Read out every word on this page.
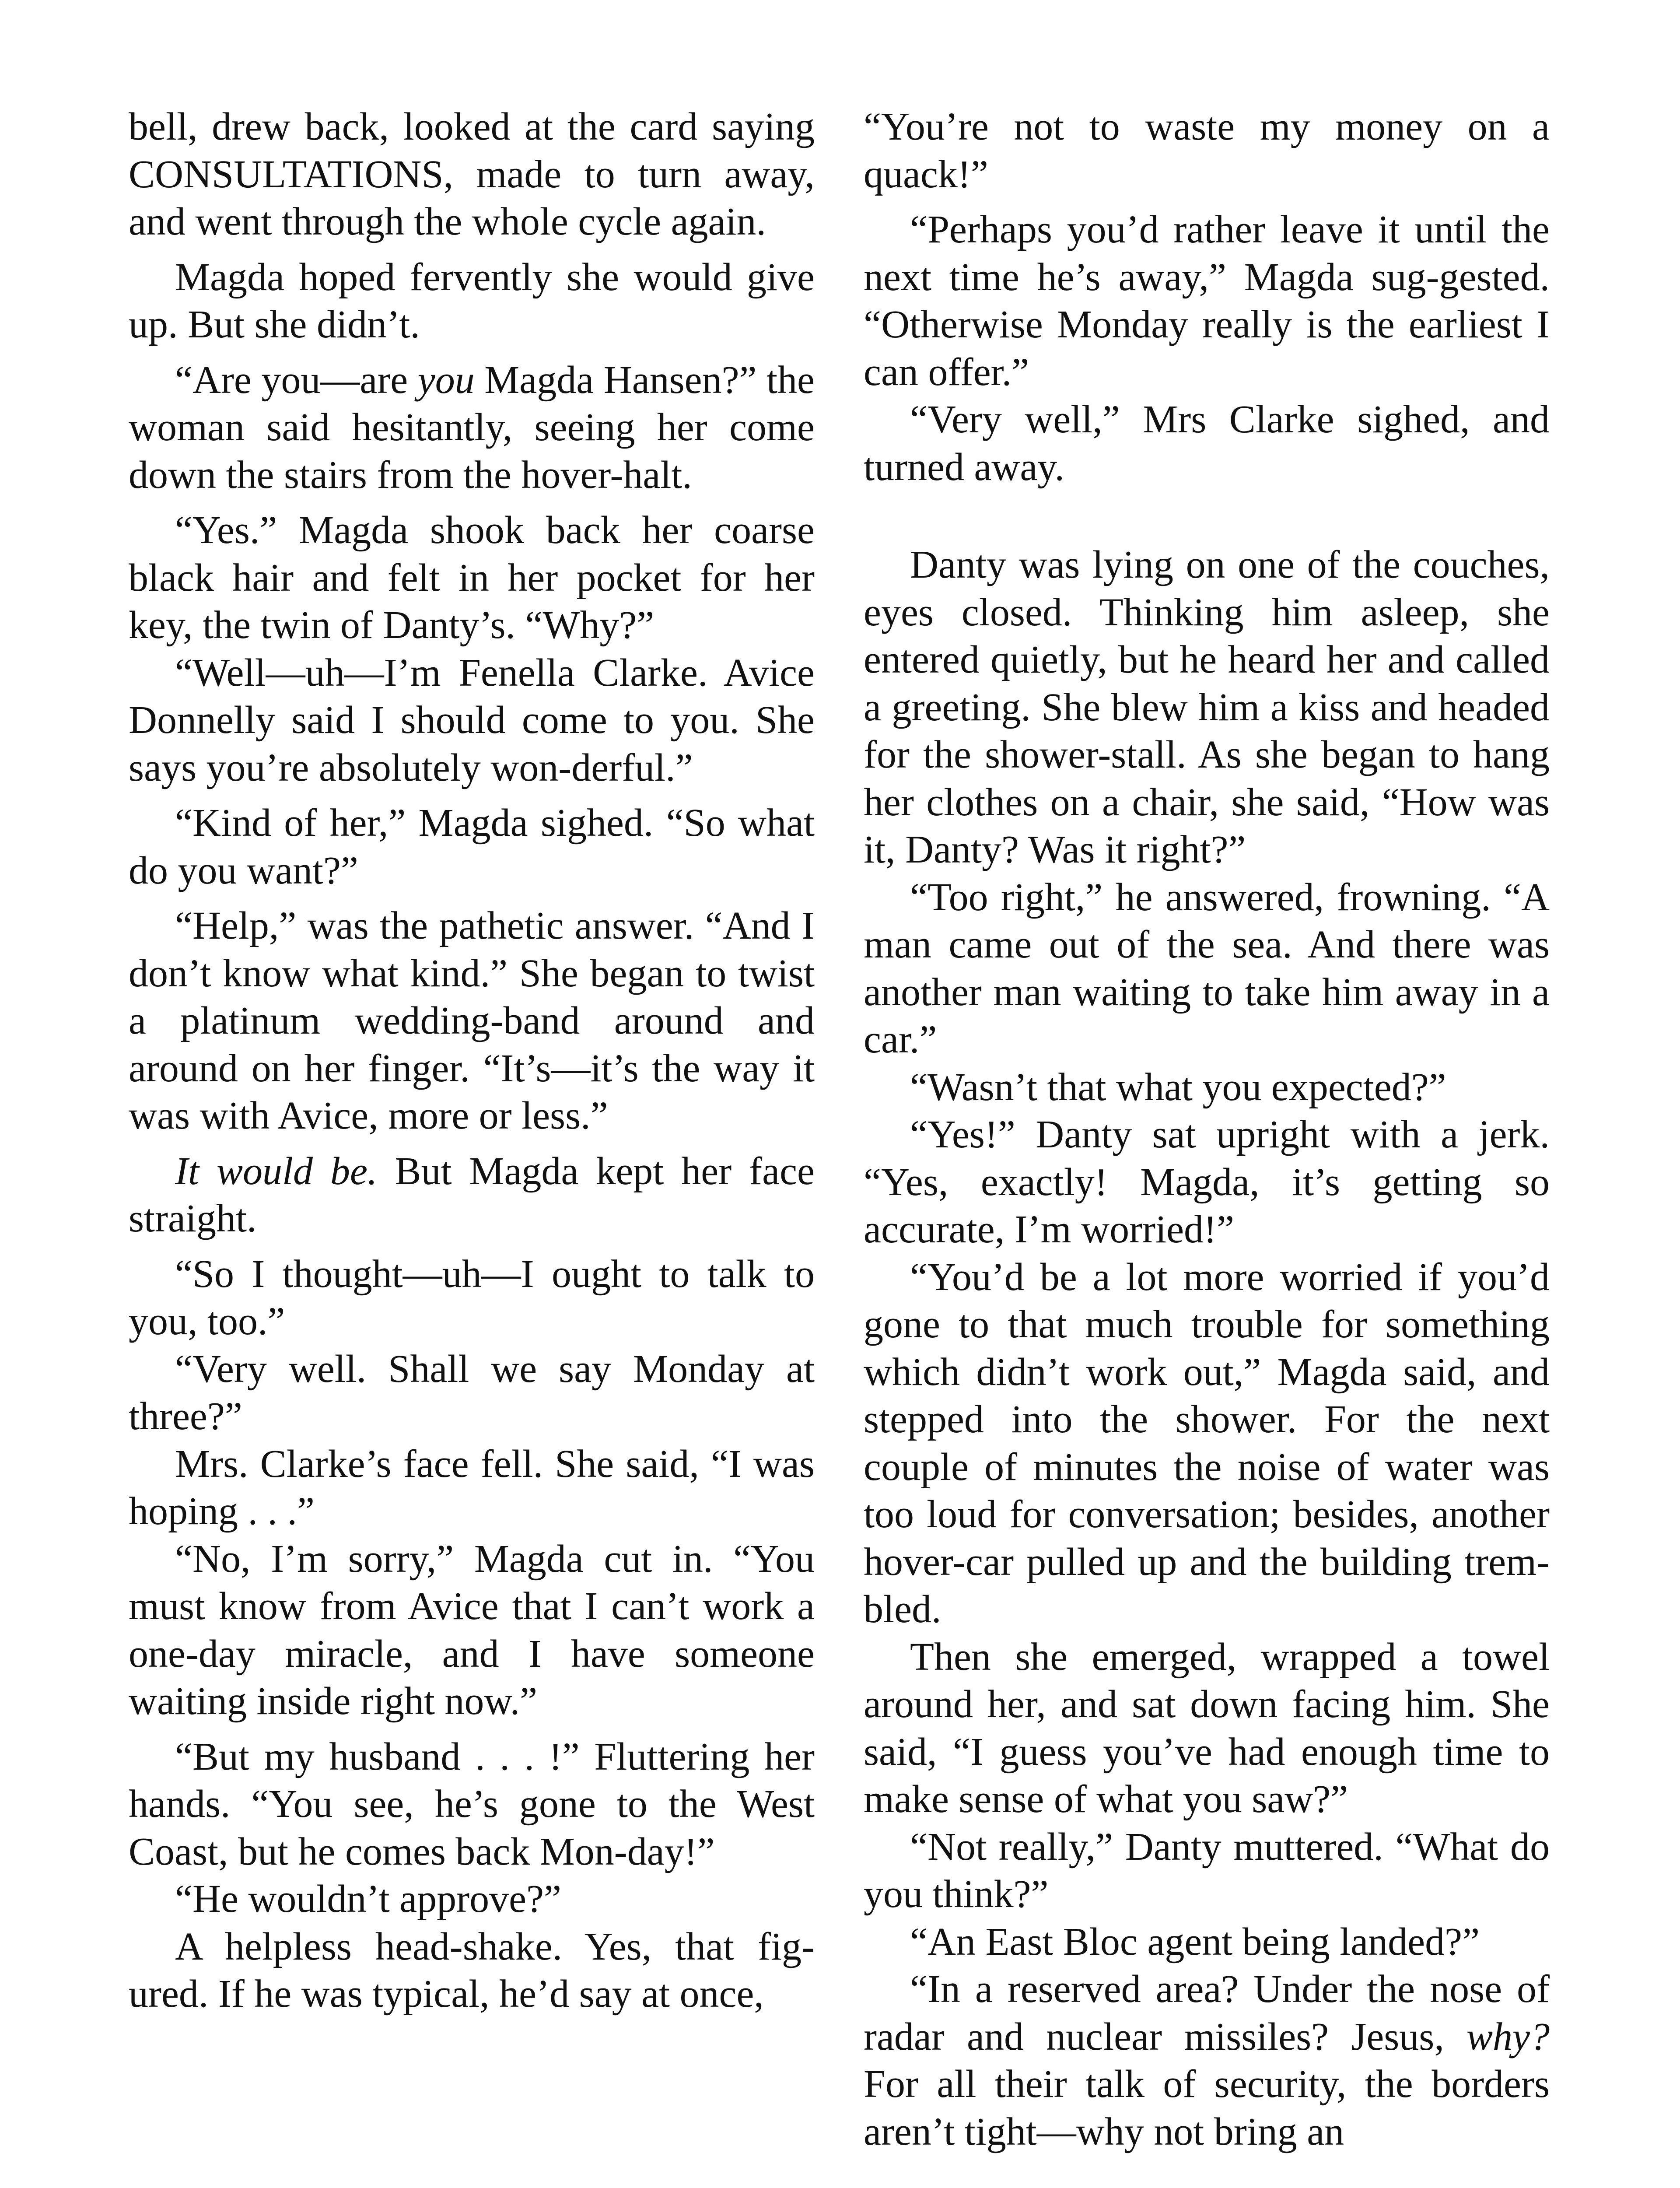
bell, drew back, looked at the card saying CONSULTATIONS, made to turn away, and went through the whole cycle again.

Magda hoped fervently she would give up. But she didn’t.

“Are you—are you Magda Hansen?” the woman said hesitantly, seeing her come down the stairs from the hover-halt.

“Yes.” Magda shook back her coarse black hair and felt in her pocket for her key, the twin of Danty’s. “Why?”

“Well—uh—I’m Fenella Clarke. Avice Donnelly said I should come to you. She says you’re absolutely won-derful.”

“Kind of her,” Magda sighed. “So what do you want?”

“Help,” was the pathetic answer. “And I don’t know what kind.” She began to twist a platinum wedding-band around and around on her finger. “It’s—it’s the way it was with Avice, more or less.”

It would be. But Magda kept her face straight.

“So I thought—uh—I ought to talk to you, too.”

“Very well. Shall we say Monday at three?”

Mrs. Clarke’s face fell. She said, “I was hoping . . .”

“No, I’m sorry,” Magda cut in. “You must know from Avice that I can’t work a one-day miracle, and I have someone waiting inside right now.”

“But my husband . . . !” Fluttering her hands. “You see, he’s gone to the West Coast, but he comes back Mon-day!”

“He wouldn’t approve?”

A helpless head-shake. Yes, that fig-ured. If he was typical, he’d say at once,

“You’re not to waste my money on a quack!”

“Perhaps you’d rather leave it until the next time he’s away,” Magda sug-gested. “Otherwise Monday really is the earliest I can offer.”

“Very well,” Mrs Clarke sighed, and turned away.

Danty was lying on one of the couches, eyes closed. Thinking him asleep, she entered quietly, but he heard her and called a greeting. She blew him a kiss and headed for the shower-stall. As she began to hang her clothes on a chair, she said, “How was it, Danty? Was it right?”

“Too right,” he answered, frowning. “A man came out of the sea. And there was another man waiting to take him away in a car.”

“Wasn’t that what you expected?”

“Yes!” Danty sat upright with a jerk. “Yes, exactly! Magda, it’s getting so accurate, I’m worried!”

“You’d be a lot more worried if you’d gone to that much trouble for something which didn’t work out,” Magda said, and stepped into the shower. For the next couple of minutes the noise of water was too loud for conversation; besides, another hover-car pulled up and the building trem-bled.

Then she emerged, wrapped a towel around her, and sat down facing him. She said, “I guess you’ve had enough time to make sense of what you saw?”

“Not really,” Danty muttered. “What do you think?”

“An East Bloc agent being landed?”

“In a reserved area? Under the nose of radar and nuclear missiles? Jesus, why? For all their talk of security, the borders aren’t tight—why not bring an
